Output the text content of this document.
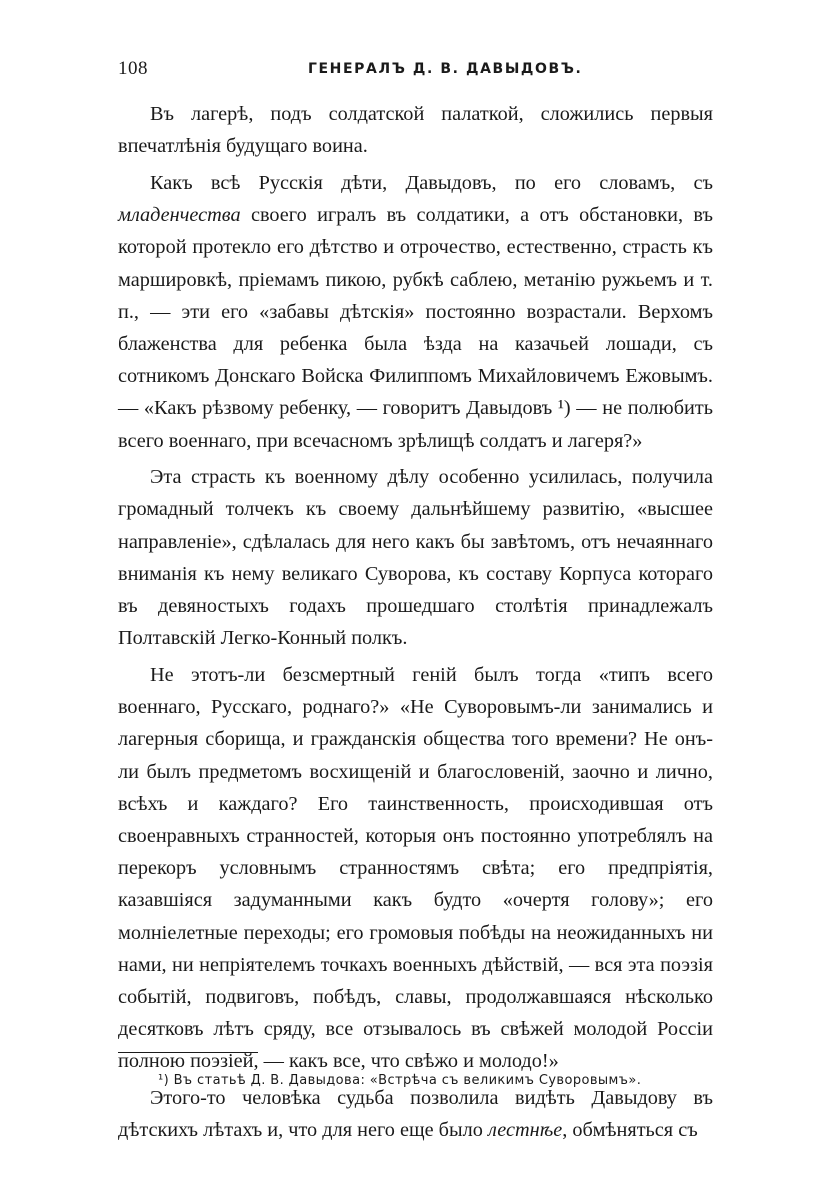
108	ГЕНЕРАЛЪ Д. В. ДАВЫДОВЪ.

Въ лагерѣ, подъ солдатской палаткой, сложились первыя впечатлѣнія будущаго воина.

Какъ всѣ Русскія дѣти, Давыдовъ, по его словамъ, съ младенчества своего игралъ въ солдатики, а отъ обстановки, въ которой протекло его дѣтство и отрочество, естественно, страсть къ маршировкѣ, пріемамъ пикою, рубкѣ саблею, метанію ружьемъ и т. п., — эти его «забавы дѣтскія» постоянно возрастали. Верхомъ блаженства для ребенка была ѣзда на казачьей лошади, съ сотникомъ Донскаго Войска Филиппомъ Михайловичемъ Ежовымъ. — «Какъ рѣзвому ребенку, — говоритъ Давыдовъ ¹) — не полюбить всего военнаго, при всечасномъ зрѣлищѣ солдатъ и лагеря?»

Эта страсть къ военному дѣлу особенно усилилась, получила громадный толчекъ къ своему дальнѣйшему развитію, «высшее направленіе», сдѣлалась для него какъ бы завѣтомъ, отъ нечаяннаго вниманія къ нему великаго Суворова, къ составу Корпуса котораго въ девяностыхъ годахъ прошедшаго столѣтія принадлежалъ Полтавскій Легко-Конный полкъ.

Не этотъ-ли безсмертный геній былъ тогда «типъ всего военнаго, Русскаго, роднаго?» «Не Суворовымъ-ли занимались и лагерныя сборища, и гражданскія общества того времени? Не онъ-ли былъ предметомъ восхищеній и благословеній, заочно и лично, всѣхъ и каждаго? Его таинственность, происходившая отъ своенравныхъ странностей, которыя онъ постоянно употреблялъ на перекоръ условнымъ странностямъ свѣта; его предпріятія, казавшіяся задуманными какъ будто «очертя голову»; его молніелетные переходы; его громовыя побѣды на неожиданныхъ ни нами, ни непріятелемъ точкахъ военныхъ дѣйствій, — вся эта поэзія событій, подвиговъ, побѣдъ, славы, продолжавшаяся нѣсколько десятковъ лѣтъ сряду, все отзывалось въ свѣжей молодой Россіи полною поэзіей, — какъ все, что свѣжо и молодо!»

Этого-то человѣка судьба позволила видѣть Давыдову въ дѣтскихъ лѣтахъ и, что для него еще было лестнѣе, обмѣняться съ

¹) Въ статьѣ Д. В. Давыдова: «Встрѣча съ великимъ Суворовымъ».
